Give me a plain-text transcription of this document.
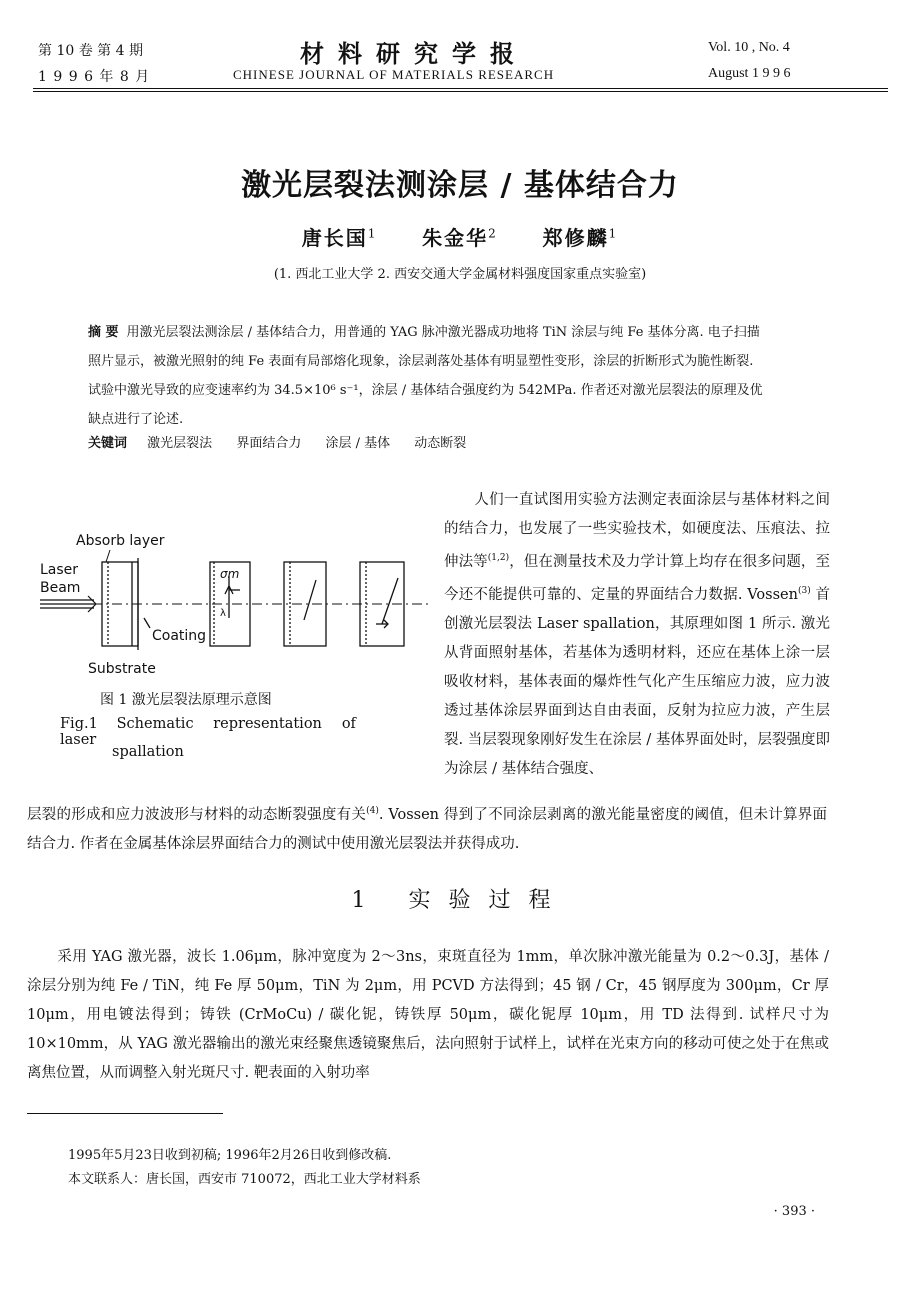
第 10 卷 第 4 期
1 9 9 6 年 8 月
材料研究学报
CHINESE JOURNAL OF MATERIALS RESEARCH
Vol. 10 , No. 4
August 1 9 9 6
激光层裂法测涂层 / 基体结合力
唐长国$^1$ 朱金华$^2$ 郑修麟$^1$
(1. 西北工业大学 2. 西安交通大学金属材料强度国家重点实验室)
摘 要 用激光层裂法测涂层 / 基体结合力，用普通的 YAG 脉冲激光器成功地将 TiN 涂层与纯 Fe 基体分离. 电子扫描照片显示，被激光照射的纯 Fe 表面有局部熔化现象，涂层剥落处基体有明显塑性变形，涂层的折断形式为脆性断裂. 试验中激光导致的应变速率约为 34.5×10⁶ s⁻¹，涂层 / 基体结合强度约为 542MPa. 作者还对激光层裂法的原理及优缺点进行了论述.
关键词 激光层裂法 界面结合力 涂层 / 基体 动态断裂
Absorb layer
Laser
Beam
Coating
Substrate
σm
λ
图 1 激光层裂法原理示意图
Fig.1 Schematic representation of laser
spallation
人们一直试图用实验方法测定表面涂层与基体材料之间的结合力，也发展了一些实验技术，如硬度法、压痕法、拉伸法等$^{(1,2)}$，但在测量技术及力学计算上均存在很多问题，至今还不能提供可靠的、定量的界面结合力数据. Vossen$^{(3)}$ 首创激光层裂法 Laser spallation，其原理如图 1 所示. 激光从背面照射基体，若基体为透明材料，还应在基体上涂一层吸收材料，基体表面的爆炸性气化产生压缩应力波，应力波透过基体涂层界面到达自由表面，反射为拉应力波，产生层裂. 当层裂现象刚好发生在涂层 / 基体界面处时，层裂强度即为涂层 / 基体结合强度、
层裂的形成和应力波波形与材料的动态断裂强度有关$^{(4)}$. Vossen 得到了不同涂层剥离的激光能量密度的阈值，但未计算界面结合力. 作者在金属基体涂层界面结合力的测试中使用激光层裂法并获得成功.
1 实验过程
采用 YAG 激光器，波长 1.06μm，脉冲宽度为 2～3ns，束斑直径为 1mm，单次脉冲激光能量为 0.2～0.3J，基体 / 涂层分别为纯 Fe / TiN，纯 Fe 厚 50μm，TiN 为 2μm，用 PCVD 方法得到；45 钢 / Cr，45 钢厚度为 300μm，Cr 厚 10μm，用电镀法得到；铸铁 (CrMoCu) / 碳化铌，铸铁厚 50μm，碳化铌厚 10μm，用 TD 法得到. 试样尺寸为 10×10mm，从 YAG 激光器输出的激光束经聚焦透镜聚焦后，法向照射于试样上，试样在光束方向的移动可使之处于在焦或离焦位置，从而调整入射光斑尺寸. 靶表面的入射功率
1995年5月23日收到初稿; 1996年2月26日收到修改稿.
本文联系人：唐长国，西安市 710072，西北工业大学材料系
· 393 ·
